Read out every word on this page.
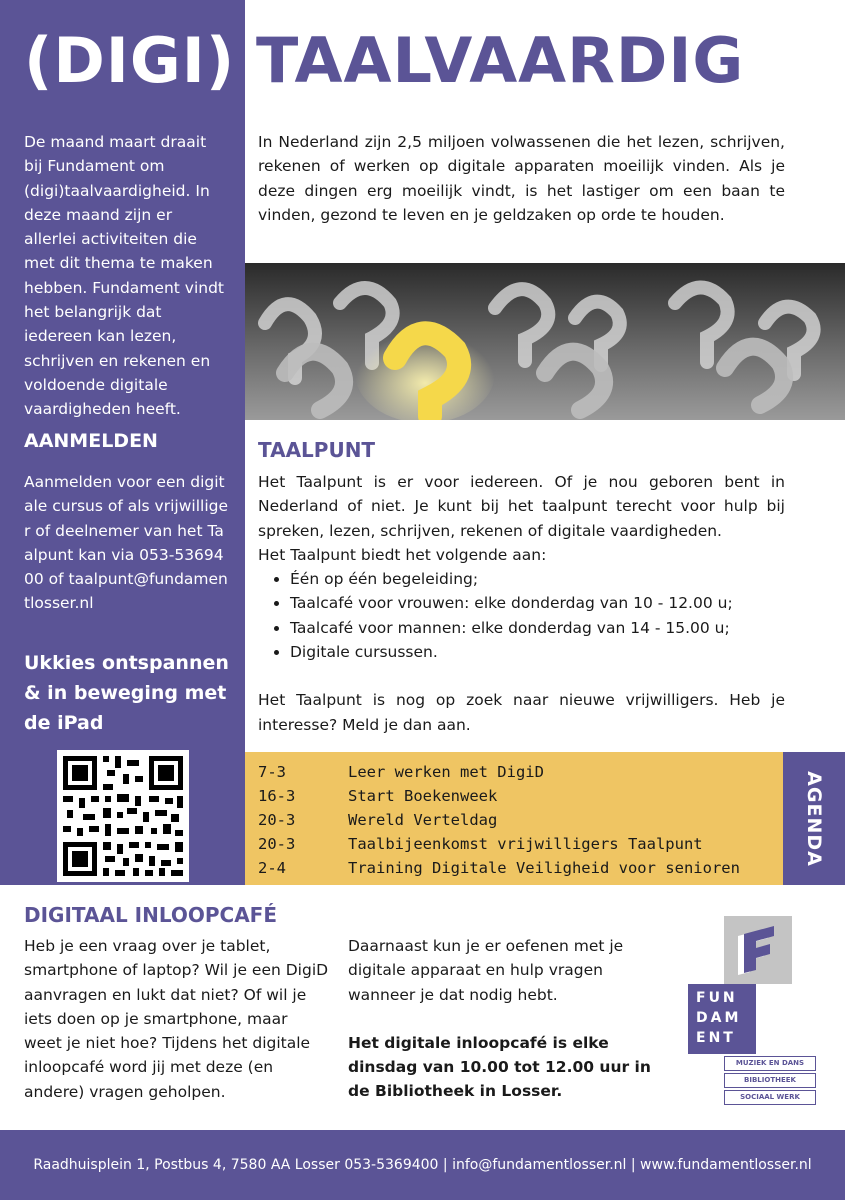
(DIGI) TAALVAARDIG
De maand maart draait bij Fundament om (digi)taalvaardigheid. In deze maand zijn er allerlei activiteiten die met dit thema te maken hebben. Fundament vindt het belangrijk dat iedereen kan lezen, schrijven en rekenen en voldoende digitale vaardigheden heeft.
AANMELDEN
Aanmelden voor een digitale cursus of als vrijwilliger of deelnemer van het Taalpunt kan via 053-5369400 of taalpunt@fundamentlosser.nl
Ukkies ontspannen & in beweging met de iPad
In Nederland zijn 2,5 miljoen volwassenen die het lezen, schrijven, rekenen of werken op digitale apparaten moeilijk vinden. Als je deze dingen erg moeilijk vindt, is het lastiger om een baan te vinden, gezond te leven en je geldzaken op orde te houden.
TAALPUNT
Het Taalpunt is er voor iedereen. Of je nou geboren bent in Nederland of niet. Je kunt bij het taalpunt terecht voor hulp bij spreken, lezen, schrijven, rekenen of digitale vaardigheden.
Het Taalpunt biedt het volgende aan:
• Één op één begeleiding;
• Taalcafé voor vrouwen: elke donderdag van 10 - 12.00 u;
• Taalcafé voor mannen: elke donderdag van 14 - 15.00 u;
• Digitale cursussen.
Het Taalpunt is nog op zoek naar nieuwe vrijwilligers. Heb je interesse? Meld je dan aan.
7-3	Leer werken met DigiD
16-3	Start Boekenweek
20-3	Wereld Verteldag
20-3	Taalbijeenkomst vrijwilligers Taalpunt
2-4	Training Digitale Veiligheid voor senioren
AGENDA
DIGITAAL INLOOPCAFÉ
Heb je een vraag over je tablet, smartphone of laptop? Wil je een DigiD aanvragen en lukt dat niet? Of wil je iets doen op je smartphone, maar weet je niet hoe? Tijdens het digitale inloopcafé word jij met deze (en andere) vragen geholpen.
Daarnaast kun je er oefenen met je digitale apparaat en hulp vragen wanneer je dat nodig hebt.
Het digitale inloopcafé is elke dinsdag van 10.00 tot 12.00 uur in de Bibliotheek in Losser.
FUN
DAM
ENT
MUZIEK EN DANS
BIBLIOTHEEK
SOCIAAL WERK
Raadhuisplein 1, Postbus 4, 7580 AA Losser 053-5369400 | info@fundamentlosser.nl | www.fundamentlosser.nl
